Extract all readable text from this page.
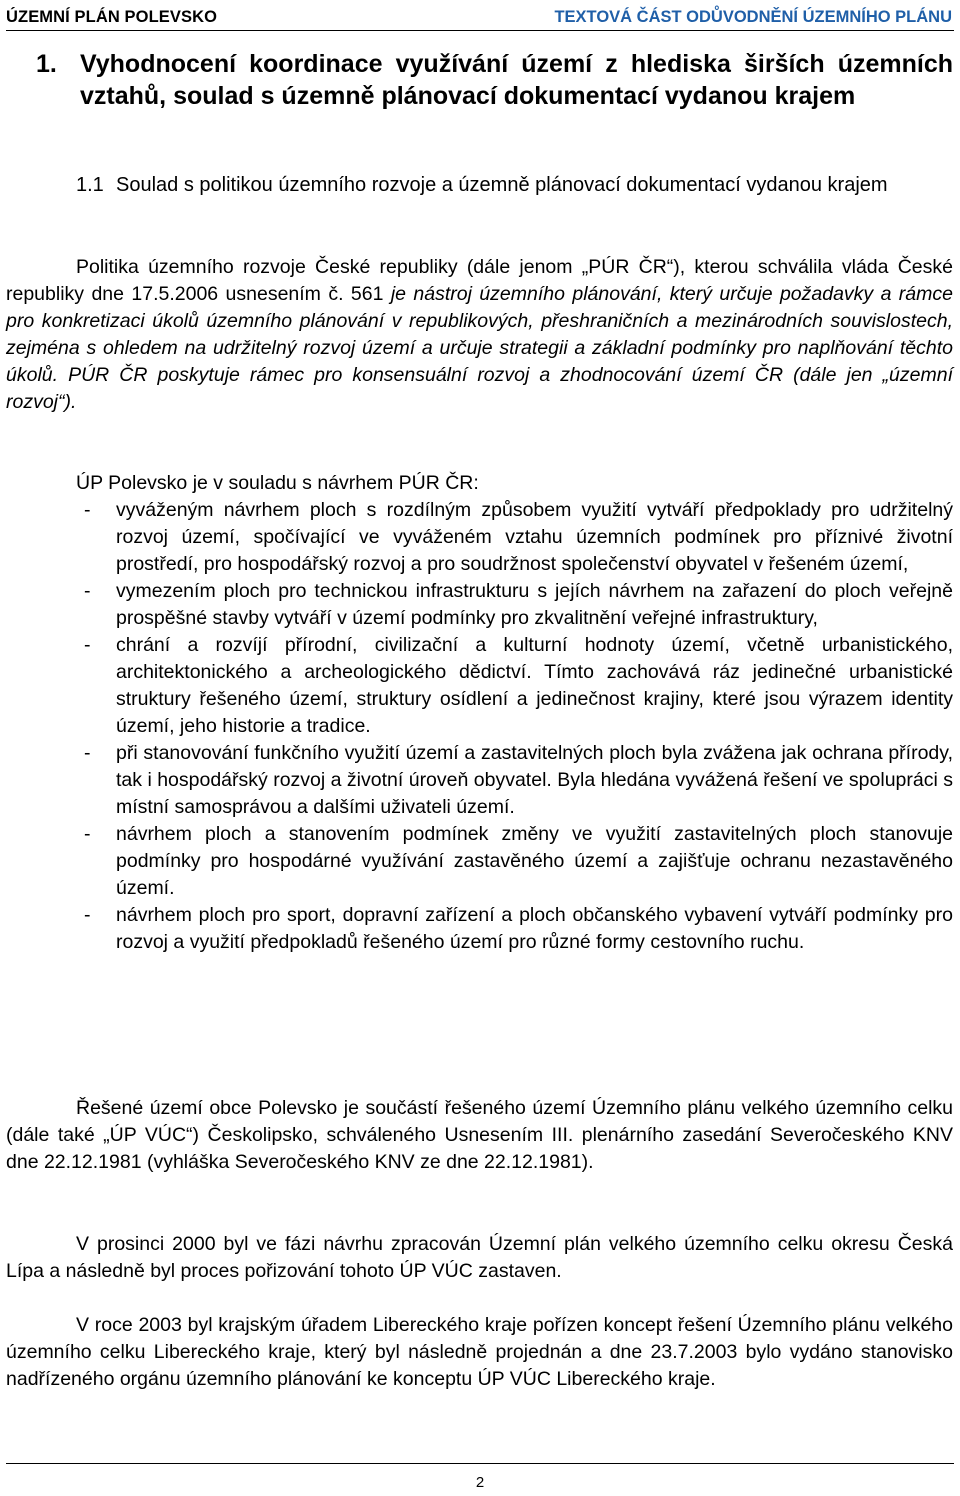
ÚZEMNÍ PLÁN POLEVSKO	TEXTOVÁ ČÁST ODŮVODNĚNÍ ÚZEMNÍHO PLÁNU
1. Vyhodnocení koordinace využívání území z hlediska širších územních vztahů, soulad s územně plánovací dokumentací vydanou krajem
1.1 Soulad s politikou územního rozvoje a územně plánovací dokumentací vydanou krajem
Politika územního rozvoje České republiky (dále jenom „PÚR ČR“), kterou schválila vláda České republiky dne 17.5.2006 usnesením č. 561 je nástroj územního plánování, který určuje požadavky a rámce pro konkretizaci úkolů územního plánování v republikových, přeshraničních a mezinárodních souvislostech, zejména s ohledem na udržitelný rozvoj území a určuje strategii a základní podmínky pro naplňování těchto úkolů. PÚR ČR poskytuje rámec pro konsensuální rozvoj a zhodnocování území ČR (dále jen „územní rozvoj“).
ÚP Polevsko je v souladu s návrhem PÚR ČR:
- vyváženým návrhem ploch s rozdílným způsobem využití vytváří předpoklady pro udržitelný rozvoj území, spočívající ve vyváženém vztahu územních podmínek pro příznivé životní prostředí, pro hospodářský rozvoj a pro soudržnost společenství obyvatel v řešeném území,
- vymezením ploch pro technickou infrastrukturu s jejích návrhem na zařazení do ploch veřejně prospěšné stavby vytváří v území podmínky pro zkvalitnění veřejné infrastruktury,
- chrání a rozvíjí přírodní, civilizační a kulturní hodnoty území, včetně urbanistického, architektonického a archeologického dědictví. Tímto zachovává ráz jedinečné urbanistické struktury řešeného území, struktury osídlení a jedinečnost krajiny, které jsou výrazem identity území, jeho historie a tradice.
- při stanovování funkčního využití území a zastavitelných ploch byla zvážena jak ochrana přírody, tak i hospodářský rozvoj a životní úroveň obyvatel. Byla hledána vyvážená řešení ve spolupráci s místní samosprávou a dalšími uživateli území.
- návrhem ploch a stanovením podmínek změny ve využití zastavitelných ploch stanovuje podmínky pro hospodárné využívání zastavěného území a zajišťuje ochranu nezastavěného území.
- návrhem ploch pro sport, dopravní zařízení a ploch občanského vybavení vytváří podmínky pro rozvoj a využití předpokladů řešeného území pro různé formy cestovního ruchu.
Řešené území obce Polevsko je součástí řešeného území Územního plánu velkého územního celku (dále také „ÚP VÚC“) Českolipsko, schváleného Usnesením III. plenárního zasedání Severočeského KNV dne 22.12.1981 (vyhláška Severočeského KNV ze dne 22.12.1981).
V prosinci 2000 byl ve fázi návrhu zpracován Územní plán velkého územního celku okresu Česká Lípa a následně byl proces pořizování tohoto ÚP VÚC zastaven.
V roce 2003 byl krajským úřadem Libereckého kraje pořízen koncept řešení Územního plánu velkého územního celku Libereckého kraje, který byl následně projednán a dne 23.7.2003 bylo vydáno stanovisko nadřízeného orgánu územního plánování ke konceptu ÚP VÚC Libereckého kraje.
2
